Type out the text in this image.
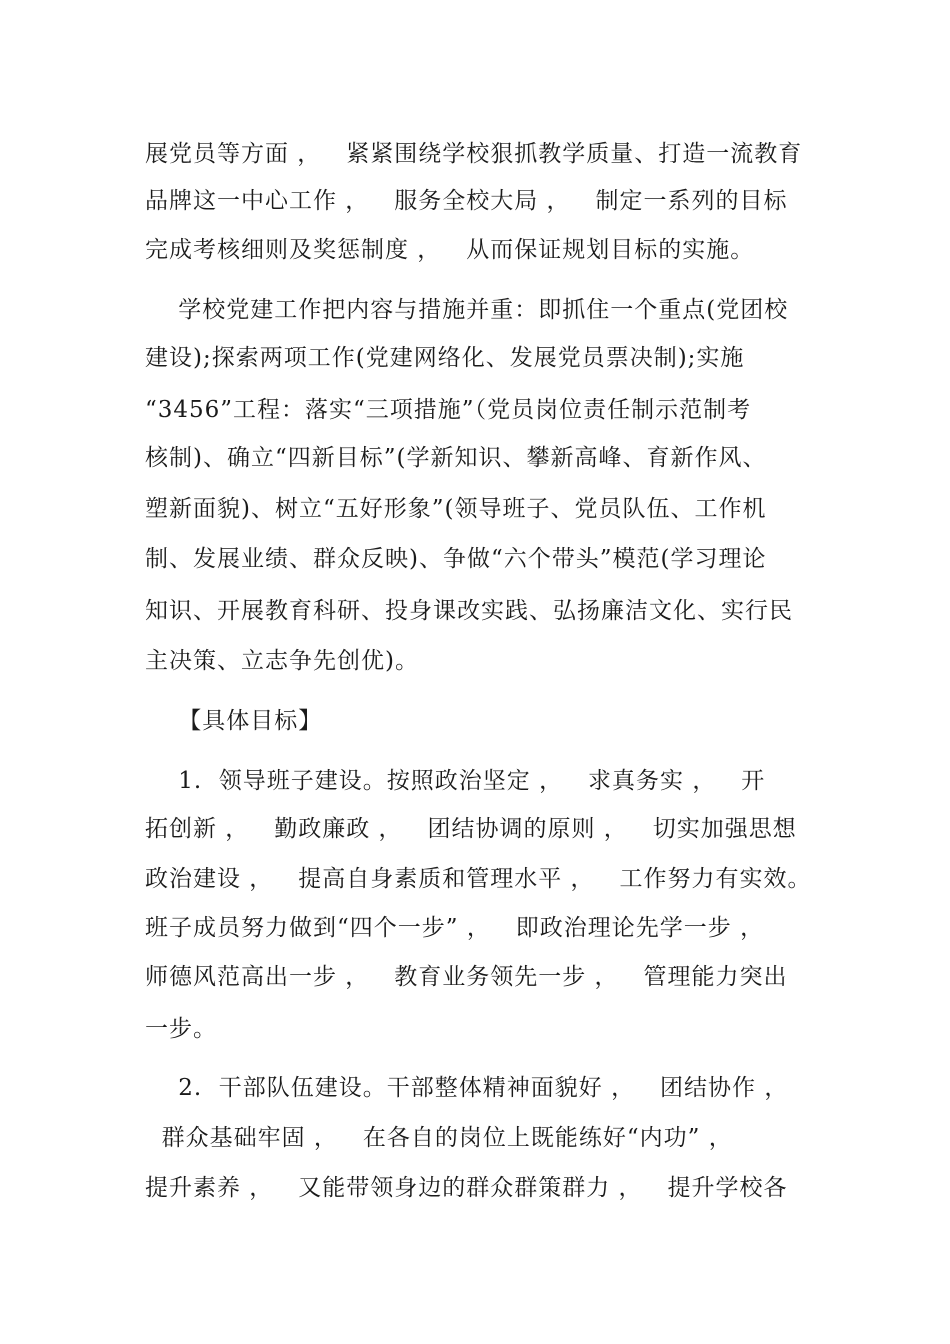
展党员等方面 ，   紧紧围绕学校狠抓教学质量、打造一流教育
品牌这一中心工作 ，   服务全校大局 ，   制定一系列的目标
完成考核细则及奖惩制度 ，   从而保证规划目标的实施。
学校党建工作把内容与措施并重：即抓住一个重点(党团校
建设);探索两项工作(党建网络化、发展党员票决制);实施
“3456”工程：落实“三项措施”（党员岗位责任制示范制考
核制)、确立“四新目标”(学新知识、攀新高峰、育新作风、
塑新面貌)、树立“五好形象”(领导班子、党员队伍、工作机
制、发展业绩、群众反映)、争做“六个带头”模范(学习理论
知识、开展教育科研、投身课改实践、弘扬廉洁文化、实行民
主决策、立志争先创优)。
【具体目标】
1.  领导班子建设。按照政治坚定 ，   求真务实 ，   开
拓创新 ，   勤政廉政 ，   团结协调的原则 ，   切实加强思想
政治建设 ，   提高自身素质和管理水平 ，   工作努力有实效。
班子成员努力做到“四个一步” ，   即政治理论先学一步 ，
师德风范高出一步 ，   教育业务领先一步 ，   管理能力突出
一步。
2.  干部队伍建设。干部整体精神面貌好 ，   团结协作 ，
群众基础牢固 ，   在各自的岗位上既能练好“内功” ，
提升素养 ，   又能带领身边的群众群策群力 ，   提升学校各
